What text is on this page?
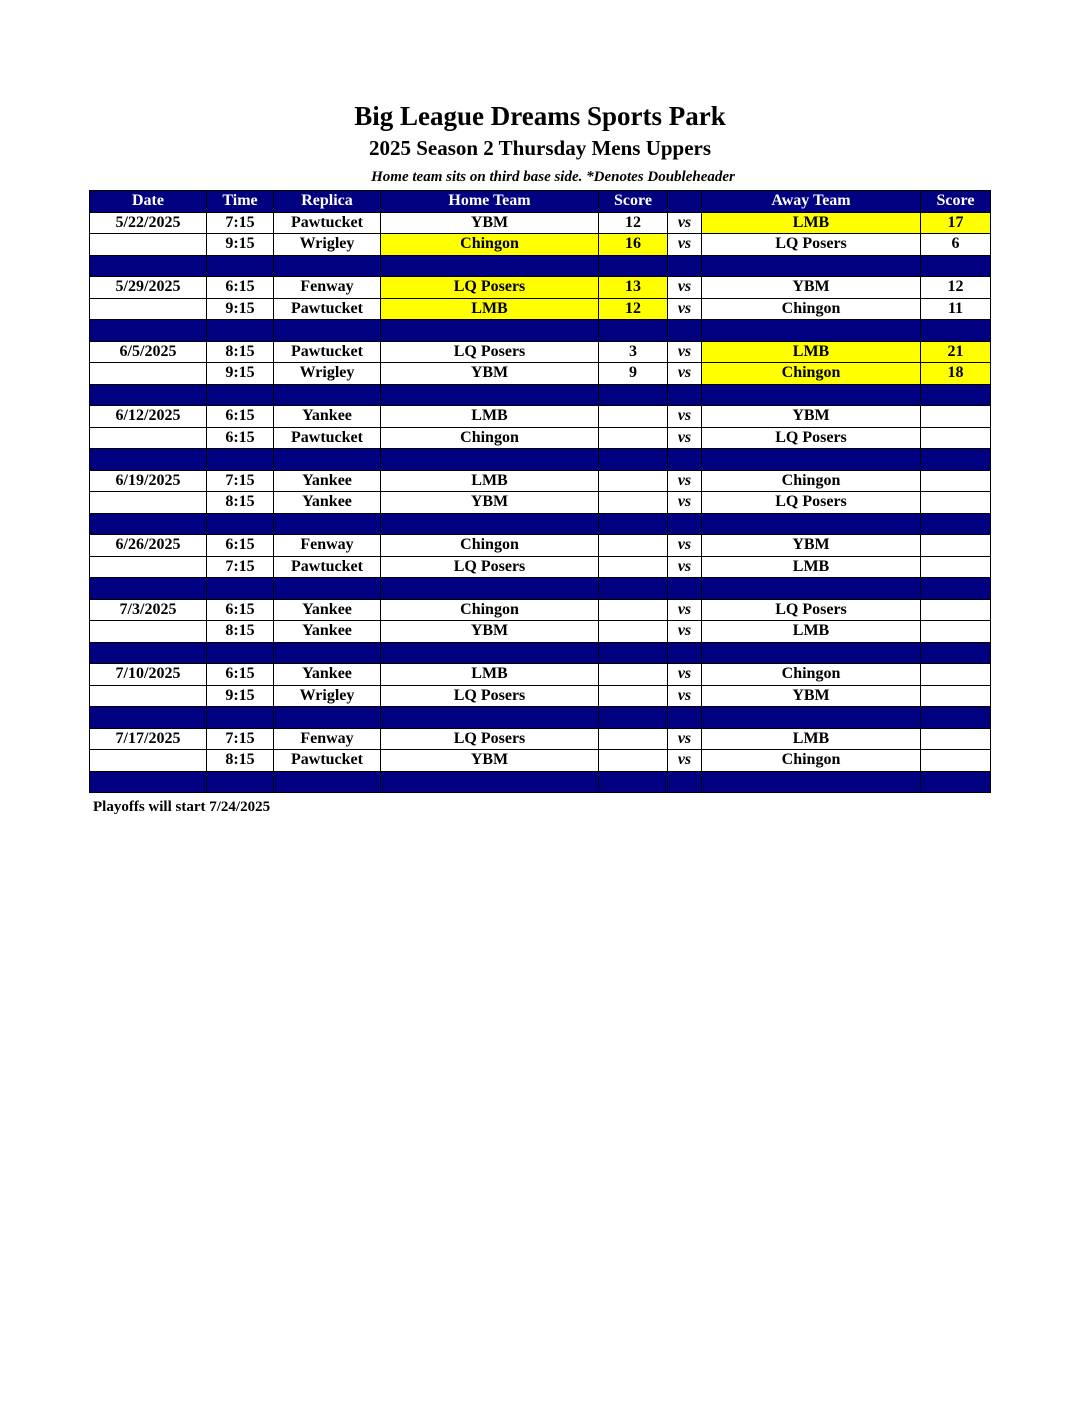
Big League Dreams Sports Park
2025 Season 2 Thursday Mens Uppers
Home team sits on third base side. *Denotes Doubleheader
Date	Time	Replica	Home Team	Score		Away Team	Score
5/22/2025	7:15	Pawtucket	YBM	12	vs	LMB	17
	9:15	Wrigley	Chingon	16	vs	LQ Posers	6

5/29/2025	6:15	Fenway	LQ Posers	13	vs	YBM	12
	9:15	Pawtucket	LMB	12	vs	Chingon	11

6/5/2025	8:15	Pawtucket	LQ Posers	3	vs	LMB	21
	9:15	Wrigley	YBM	9	vs	Chingon	18

6/12/2025	6:15	Yankee	LMB		vs	YBM	
	6:15	Pawtucket	Chingon		vs	LQ Posers	

6/19/2025	7:15	Yankee	LMB		vs	Chingon	
	8:15	Yankee	YBM		vs	LQ Posers	

6/26/2025	6:15	Fenway	Chingon		vs	YBM	
	7:15	Pawtucket	LQ Posers		vs	LMB	

7/3/2025	6:15	Yankee	Chingon		vs	LQ Posers	
	8:15	Yankee	YBM		vs	LMB	

7/10/2025	6:15	Yankee	LMB		vs	Chingon	
	9:15	Wrigley	LQ Posers		vs	YBM	

7/17/2025	7:15	Fenway	LQ Posers		vs	LMB	
	8:15	Pawtucket	YBM		vs	Chingon	

Playoffs will start 7/24/2025
